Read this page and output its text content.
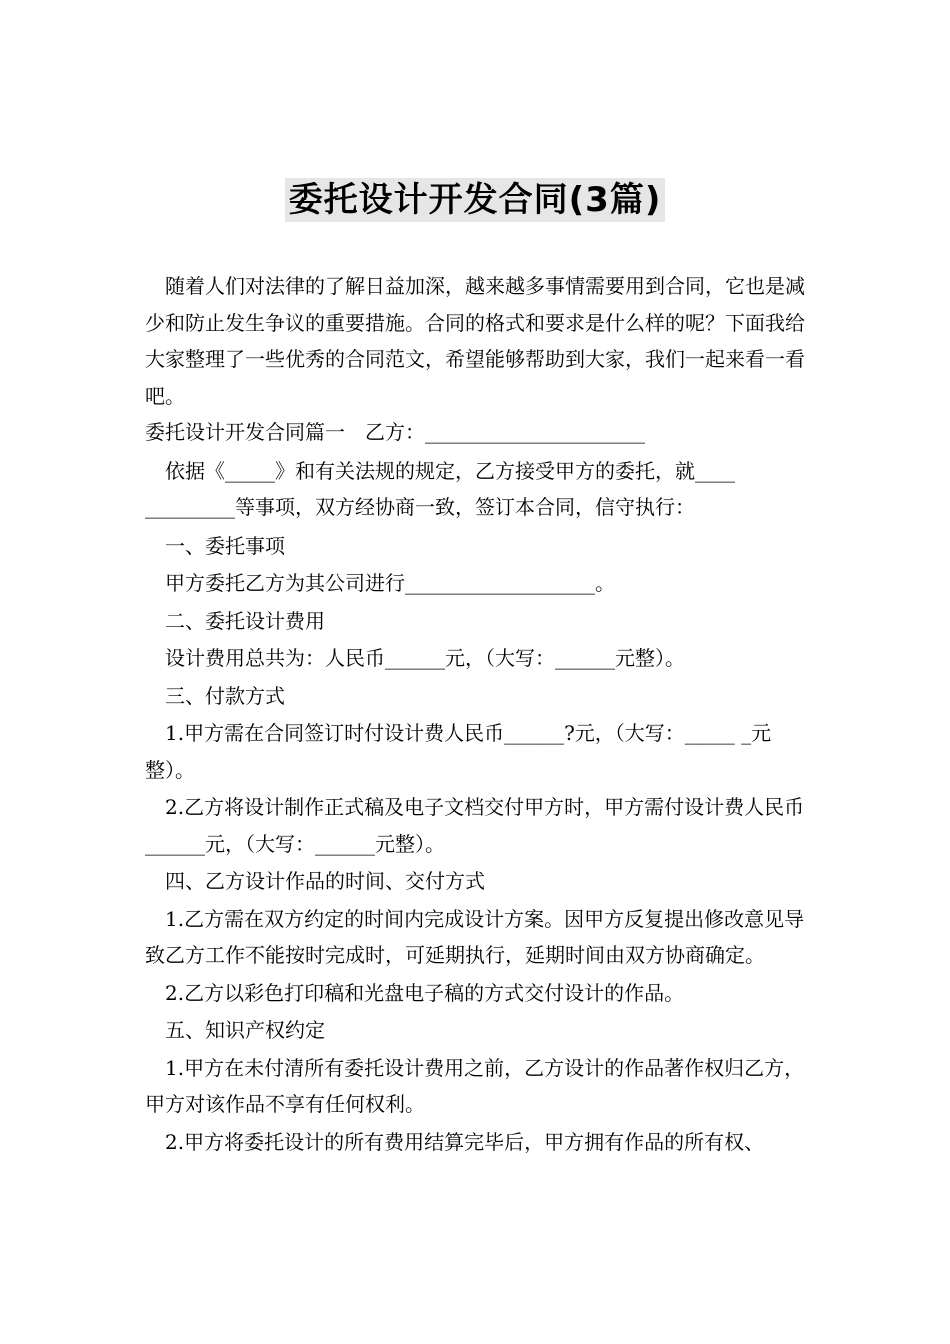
委托设计开发合同(3篇)

随着人们对法律的了解日益加深，越来越多事情需要用到合同，它也是减少和防止发生争议的重要措施。合同的格式和要求是什么样的呢？下面我给大家整理了一些优秀的合同范文，希望能够帮助到大家，我们一起来看一看吧。

委托设计开发合同篇一　乙方：______________________

依据《_____》和有关法规的规定，乙方接受甲方的委托，就____ _________等事项，双方经协商一致，签订本合同，信守执行：

一、委托事项

甲方委托乙方为其公司进行___________________。

二、委托设计费用

设计费用总共为：人民币______元，（大写：______元整）。

三、付款方式

1.甲方需在合同签订时付设计费人民币______?元，（大写：_____ _元整）。

2.乙方将设计制作正式稿及电子文档交付甲方时，甲方需付设计费人民币______元，（大写：______元整）。

四、乙方设计作品的时间、交付方式

1.乙方需在双方约定的时间内完成设计方案。因甲方反复提出修改意见导致乙方工作不能按时完成时，可延期执行，延期时间由双方协商确定。

2.乙方以彩色打印稿和光盘电子稿的方式交付设计的作品。

五、知识产权约定

1.甲方在未付清所有委托设计费用之前，乙方设计的作品著作权归乙方，甲方对该作品不享有任何权利。

2.甲方将委托设计的所有费用结算完毕后，甲方拥有作品的所有权、
